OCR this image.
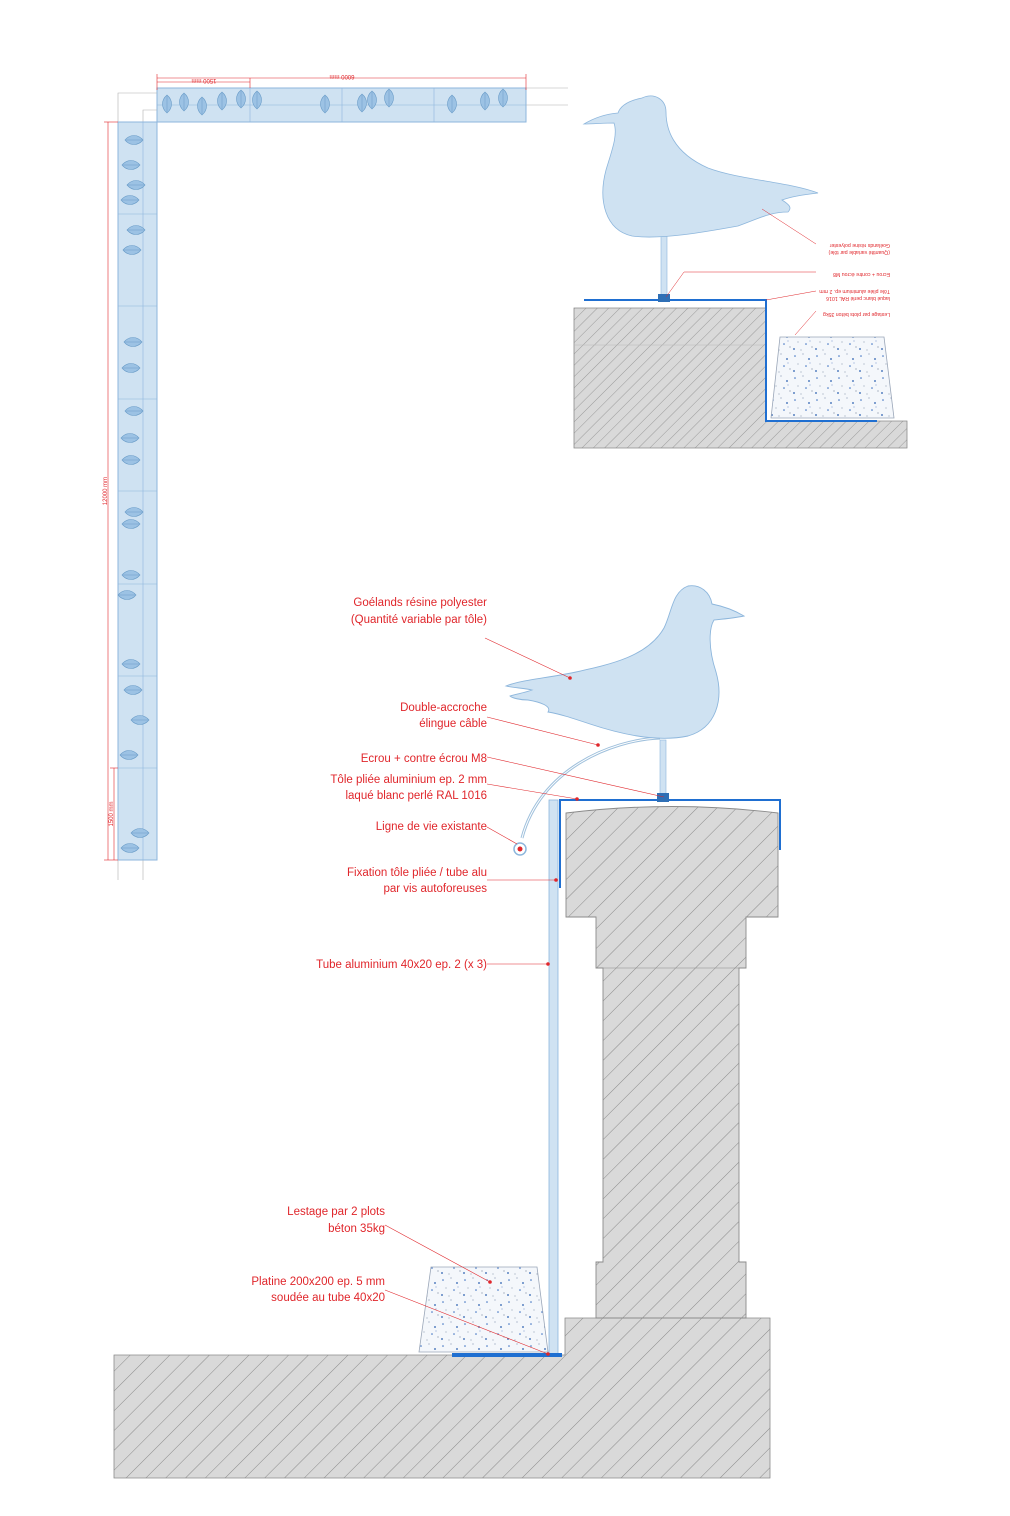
6000 mm
1500 mm
12000 mm
1500 mm
Goélands résine polyester
(Quantité variable par tôle)
Ecrou + contre écrou M8
Tôle pliée aluminium ep. 2 mm
laqué blanc perlé RAL 1016
Lestage par plots béton 35kg
Goélands résine polyester
(Quantité variable par tôle)
Double-accroche
élingue câble
Ecrou + contre écrou M8
Tôle pliée aluminium ep. 2 mm
laqué blanc perlé RAL 1016
Ligne de vie existante
Fixation tôle pliée / tube alu
par vis autoforeuses
Tube aluminium 40x20 ep. 2 (x 3)
Lestage par 2 plots
béton 35kg
Platine 200x200 ep. 5 mm
soudée au tube 40x20
